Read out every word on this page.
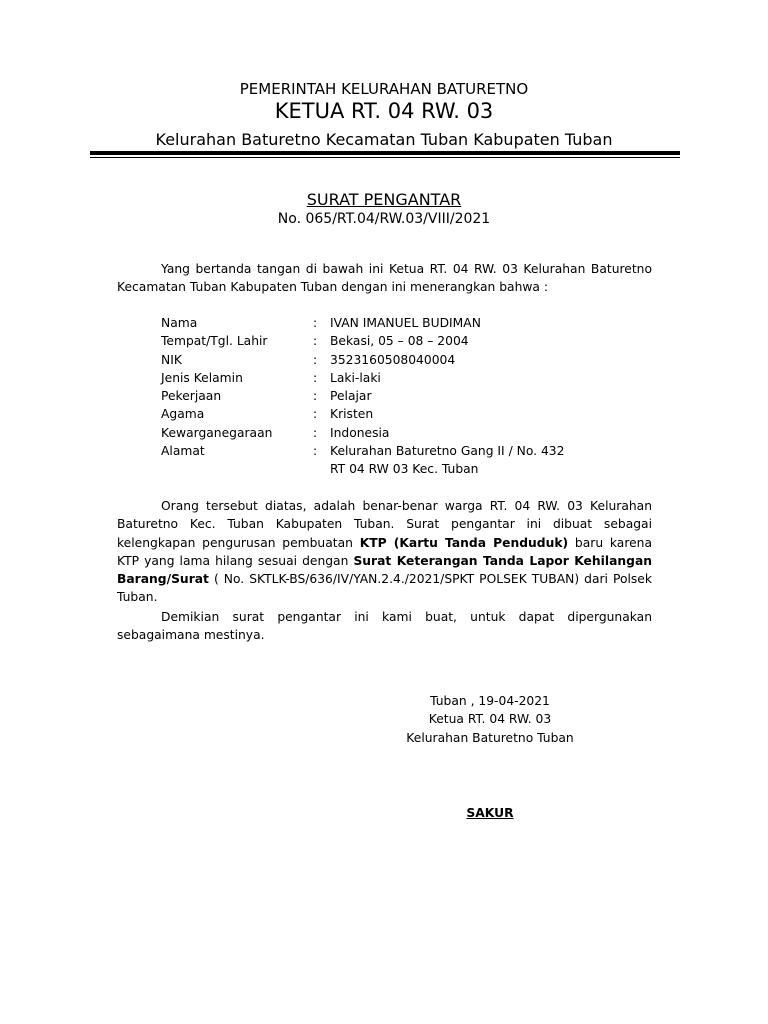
PEMERINTAH KELURAHAN BATURETNO
KETUA RT. 04 RW. 03
Kelurahan Baturetno Kecamatan Tuban Kabupaten Tuban
SURAT PENGANTAR
No. 065/RT.04/RW.03/VIII/2021
Yang bertanda tangan di bawah ini Ketua RT. 04 RW. 03 Kelurahan Baturetno Kecamatan Tuban Kabupaten Tuban dengan ini menerangkan bahwa :
Nama	:	IVAN IMANUEL BUDIMAN
Tempat/Tgl. Lahir	:	Bekasi, 05 – 08 – 2004
NIK	:	3523160508040004
Jenis Kelamin	:	Laki-laki
Pekerjaan	:	Pelajar
Agama	:	Kristen
Kewarganegaraan	:	Indonesia
Alamat	:	Kelurahan Baturetno Gang II / No. 432
RT 04 RW 03 Kec. Tuban
Orang tersebut diatas, adalah benar-benar warga RT. 04 RW. 03 Kelurahan Baturetno Kec. Tuban Kabupaten Tuban. Surat pengantar ini dibuat sebagai kelengkapan pengurusan pembuatan KTP (Kartu Tanda Penduduk) baru karena KTP yang lama hilang sesuai dengan Surat Keterangan Tanda Lapor Kehilangan Barang/Surat ( No. SKTLK-BS/636/IV/YAN.2.4./2021/SPKT POLSEK TUBAN) dari Polsek Tuban.
Demikian surat pengantar ini kami buat, untuk dapat dipergunakan sebagaimana mestinya.
Tuban , 19-04-2021
Ketua RT. 04 RW. 03
Kelurahan Baturetno Tuban
SAKUR
